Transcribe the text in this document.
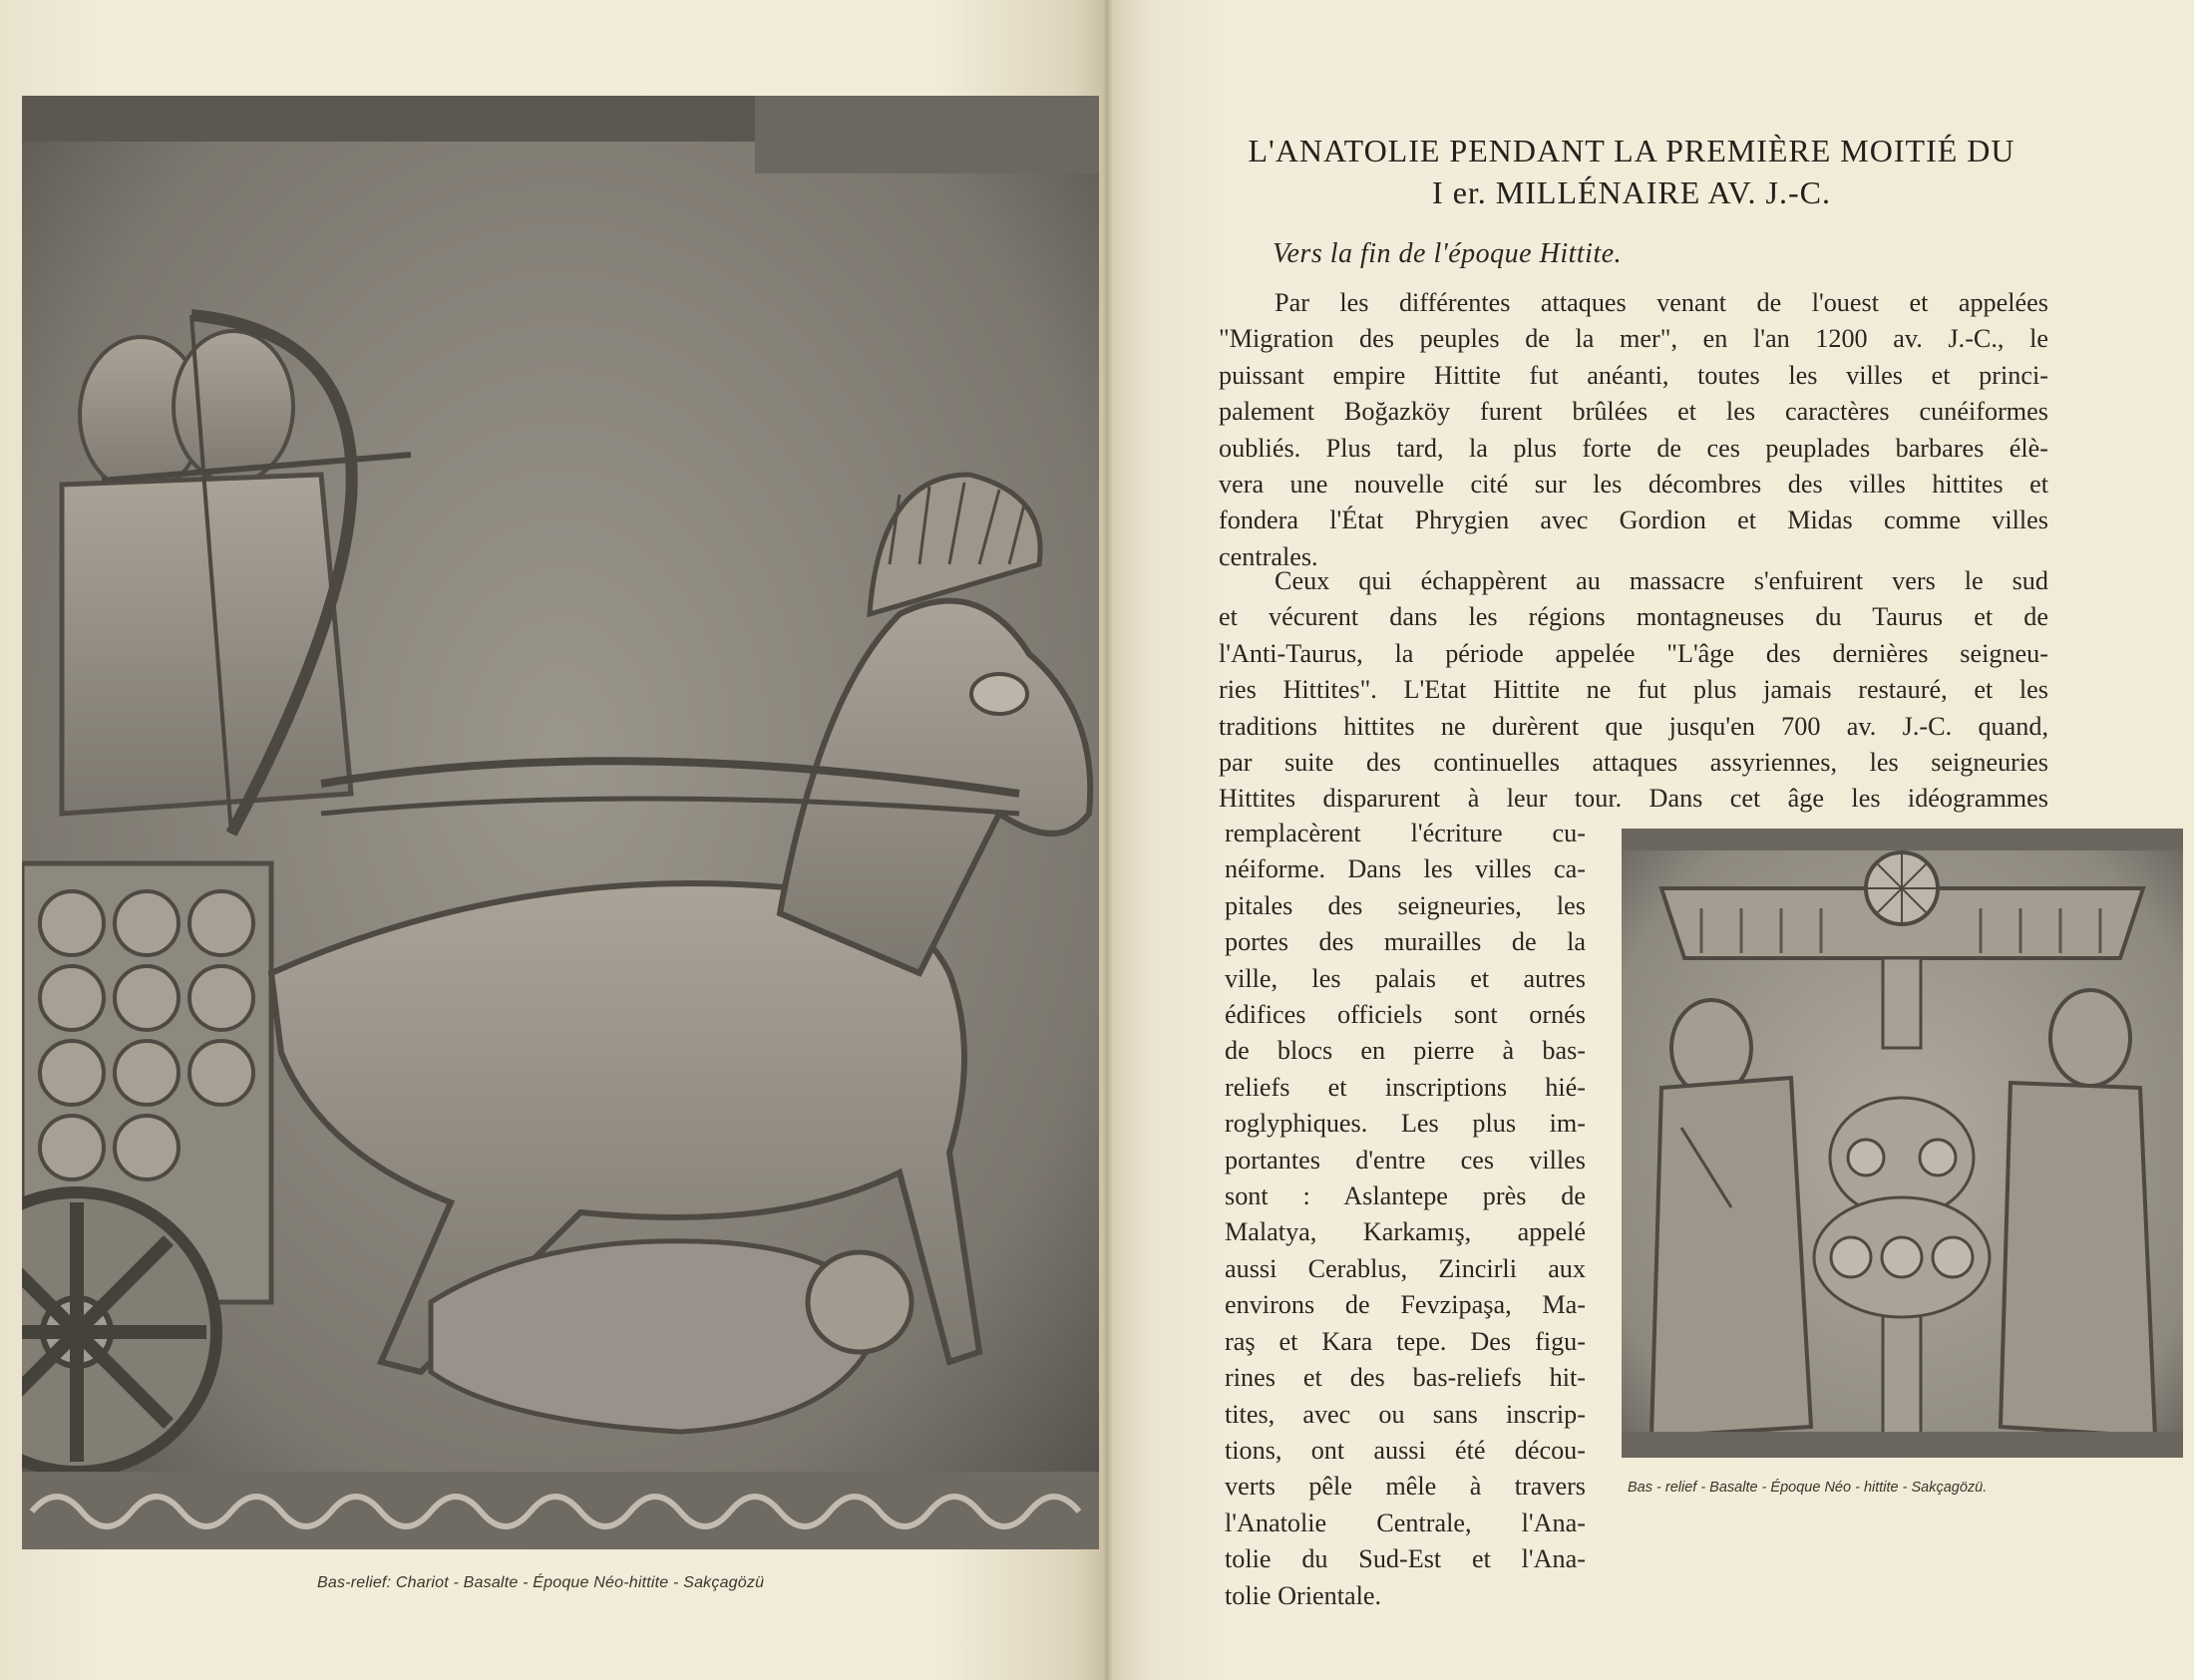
Bas-relief: Chariot - Basalte - Époque Néo-hittite - Sakçagözü
L'ANATOLIE PENDANT LA PREMIÈRE MOITIÉ DU
I er. MILLÉNAIRE AV. J.-C.
Vers la fin de l'époque Hittite.
Par les différentes attaques venant de l'ouest et appelées
"Migration des peuples de la mer", en l'an 1200 av. J.-C., le
puissant empire Hittite fut anéanti, toutes les villes et princi-
palement Boğazköy furent brûlées et les caractères cunéiformes
oubliés. Plus tard, la plus forte de ces peuplades barbares élè-
vera une nouvelle cité sur les décombres des villes hittites et
fondera l'État Phrygien avec Gordion et Midas comme villes
centrales.
Ceux qui échappèrent au massacre s'enfuirent vers le sud
et vécurent dans les régions montagneuses du Taurus et de
l'Anti-Taurus, la période appelée "L'âge des dernières seigneu-
ries Hittites". L'Etat Hittite ne fut plus jamais restauré, et les
traditions hittites ne durèrent que jusqu'en 700 av. J.-C. quand,
par suite des continuelles attaques assyriennes, les seigneuries
Hittites disparurent à leur tour. Dans cet âge les idéogrammes
remplacèrent l'écriture cu-
néiforme. Dans les villes ca-
pitales des seigneuries, les
portes des murailles de la
ville, les palais et autres
édifices officiels sont ornés
de blocs en pierre à bas-
reliefs et inscriptions hié-
roglyphiques. Les plus im-
portantes d'entre ces villes
sont : Aslantepe près de
Malatya, Karkamış, appelé
aussi Cerablus, Zincirli aux
environs de Fevzipaşa, Ma-
raş et Kara tepe. Des figu-
rines et des bas-reliefs hit-
tites, avec ou sans inscrip-
tions, ont aussi été décou-
verts pêle mêle à travers
l'Anatolie Centrale, l'Ana-
tolie du Sud-Est et l'Ana-
tolie Orientale.
Bas - relief - Basalte - Époque Néo - hittite - Sakçagözü.
